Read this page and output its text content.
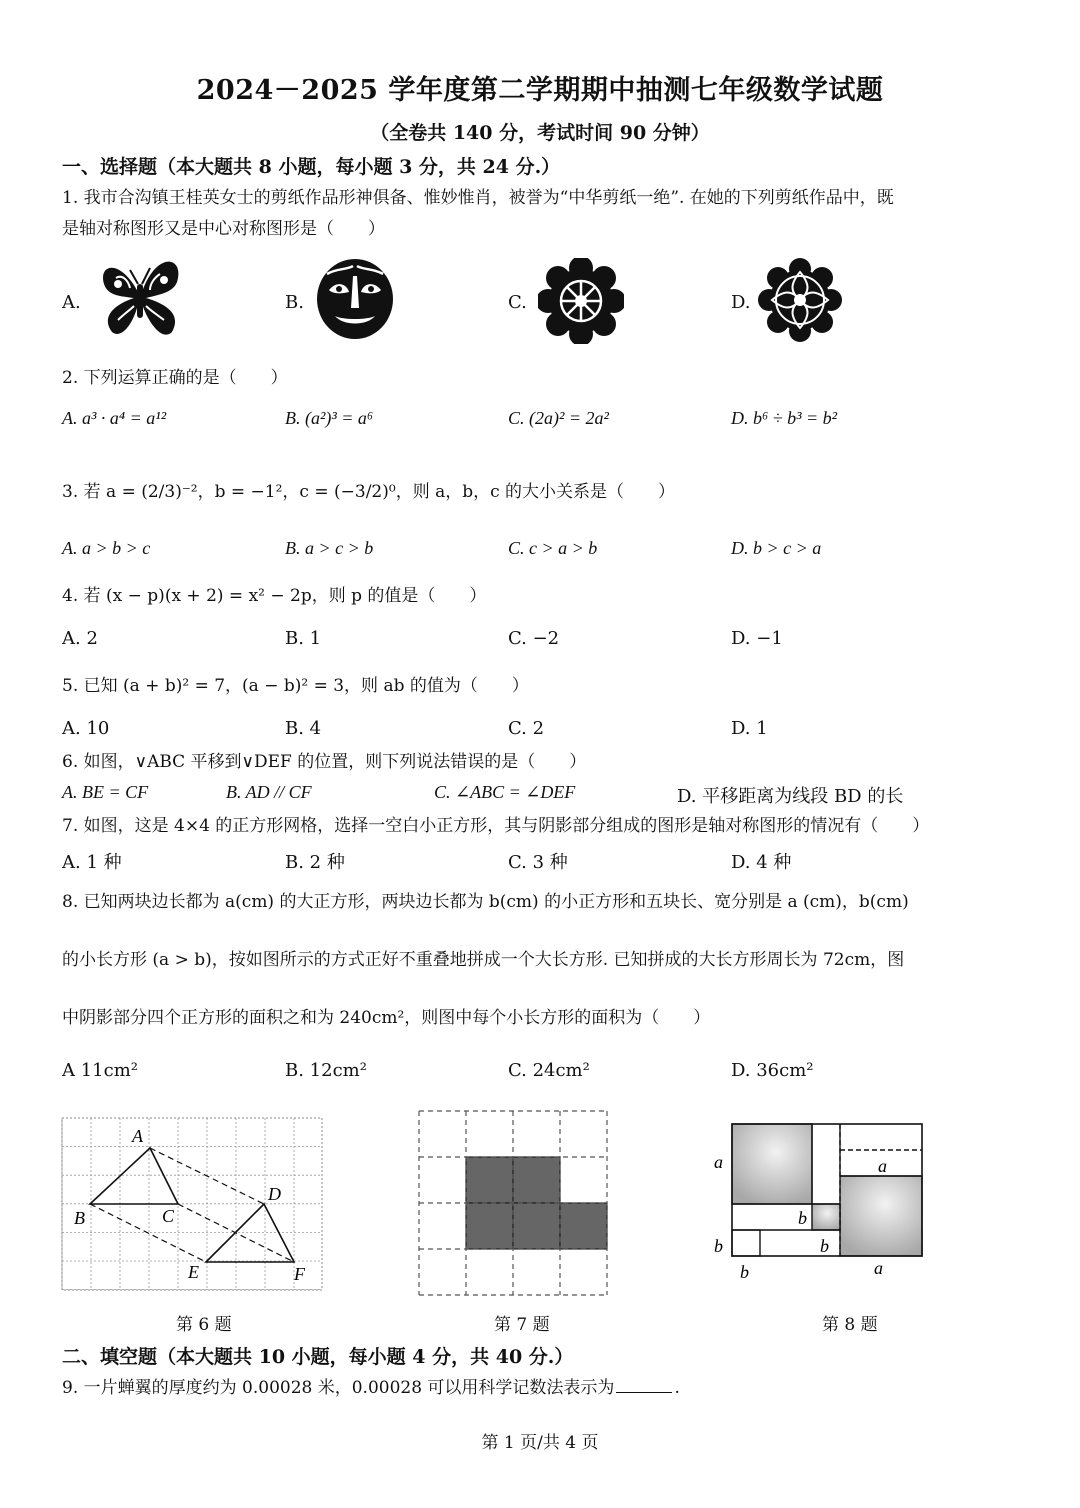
2024－2025 学年度第二学期期中抽测七年级数学试题
（全卷共 140 分，考试时间 90 分钟）
一、选择题（本大题共 8 小题，每小题 3 分，共 24 分.）
1. 我市合沟镇王桂英女士的剪纸作品形神俱备、惟妙惟肖，被誉为“中华剪纸一绝”. 在她的下列剪纸作品中，既
是轴对称图形又是中心对称图形是（　　）
A.	B.	C.	D.
2. 下列运算正确的是（　　）
A. a³ · a⁴ = a¹²	B. (a²)³ = a⁶	C. (2a)² = 2a²	D. b⁶ ÷ b³ = b²
3. 若 a = (2/3)⁻²，b = −1²，c = (−3/2)⁰，则 a，b，c 的大小关系是（　　）
A. a > b > c	B. a > c > b	C. c > a > b	D. b > c > a
4. 若 (x − p)(x + 2) = x² − 2p，则 p 的值是（　　）
A. 2	B. 1	C. −2	D. −1
5. 已知 (a + b)² = 7，(a − b)² = 3，则 ab 的值为（　　）
A. 10	B. 4	C. 2	D. 1
6. 如图，∨ABC 平移到∨DEF 的位置，则下列说法错误的是（　　）
A. BE = CF	B. AD // CF	C. ∠ABC = ∠DEF	D. 平移距离为线段 BD 的长
7. 如图，这是 4×4 的正方形网格，选择一空白小正方形，其与阴影部分组成的图形是轴对称图形的情况有（　　）
A. 1 种	B. 2 种	C. 3 种	D. 4 种
8. 已知两块边长都为 a(cm) 的大正方形，两块边长都为 b(cm) 的小正方形和五块长、宽分别是 a (cm)，b(cm)
的小长方形 (a > b)，按如图所示的方式正好不重叠地拼成一个大长方形. 已知拼成的大长方形周长为 72cm，图
中阴影部分四个正方形的面积之和为 240cm²，则图中每个小长方形的面积为（　　）
A 11cm²	B. 12cm²	C. 24cm²	D. 36cm²
A
B	C
D
E	F
第 6 题	第 7 题
a	a
b
b
b
b	a
第 8 题
二、填空题（本大题共 10 小题，每小题 4 分，共 40 分.）
9. 一片蝉翼的厚度约为 0.00028 米，0.00028 可以用科学记数法表示为	.
第 1 页/共 4 页
